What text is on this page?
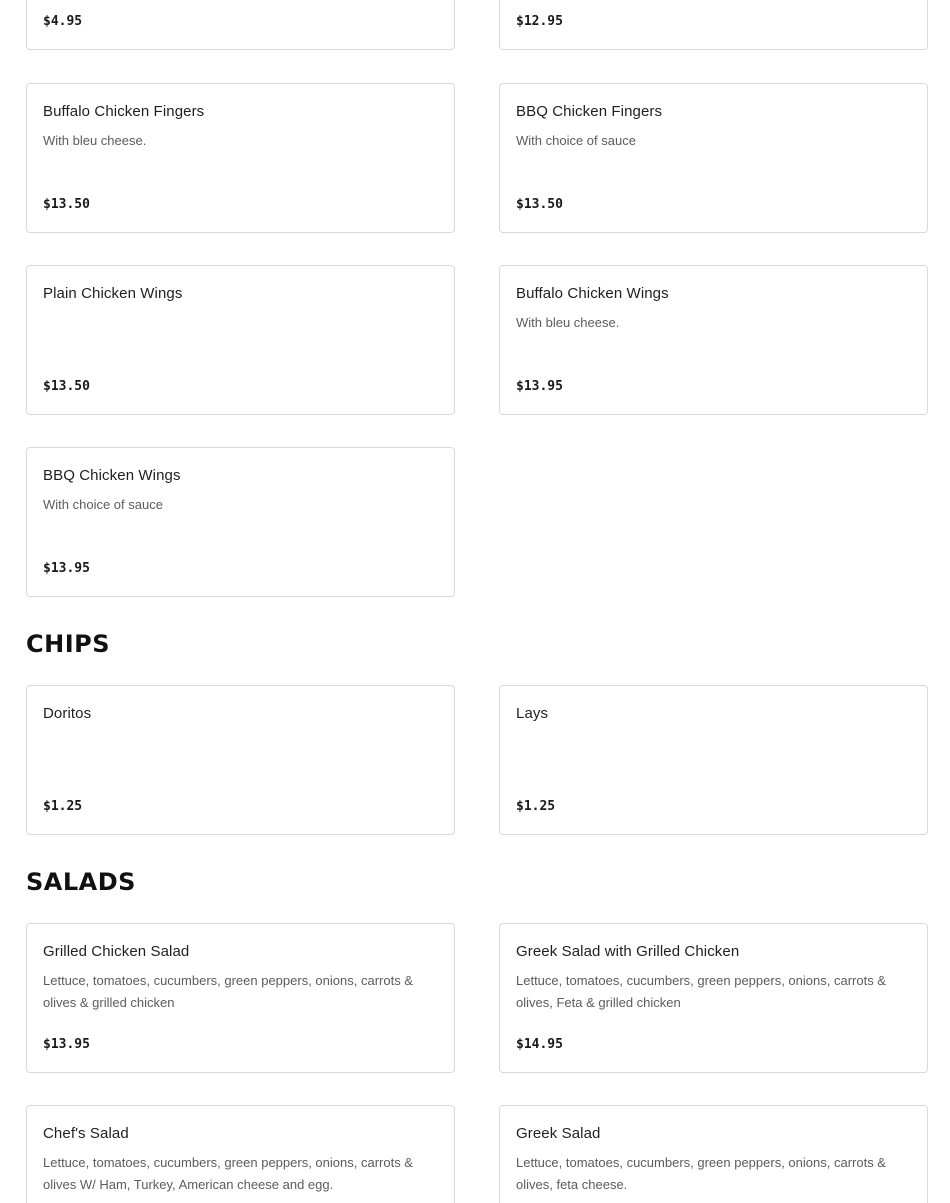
$4.95	$12.95
Buffalo Chicken Fingers
With bleu cheese.
$13.50
BBQ Chicken Fingers
With choice of sauce
$13.50
Plain Chicken Wings
$13.50
Buffalo Chicken Wings
With bleu cheese.
$13.95
BBQ Chicken Wings
With choice of sauce
$13.95
CHIPS
Doritos
$1.25
Lays
$1.25
SALADS
Grilled Chicken Salad
Lettuce, tomatoes, cucumbers, green peppers, onions, carrots & olives & grilled chicken
$13.95
Greek Salad with Grilled Chicken
Lettuce, tomatoes, cucumbers, green peppers, onions, carrots & olives, Feta & grilled chicken
$14.95
Chef's Salad
Lettuce, tomatoes, cucumbers, green peppers, onions, carrots & olives W/ Ham, Turkey, American cheese and egg.
Greek Salad
Lettuce, tomatoes, cucumbers, green peppers, onions, carrots & olives, feta cheese.
